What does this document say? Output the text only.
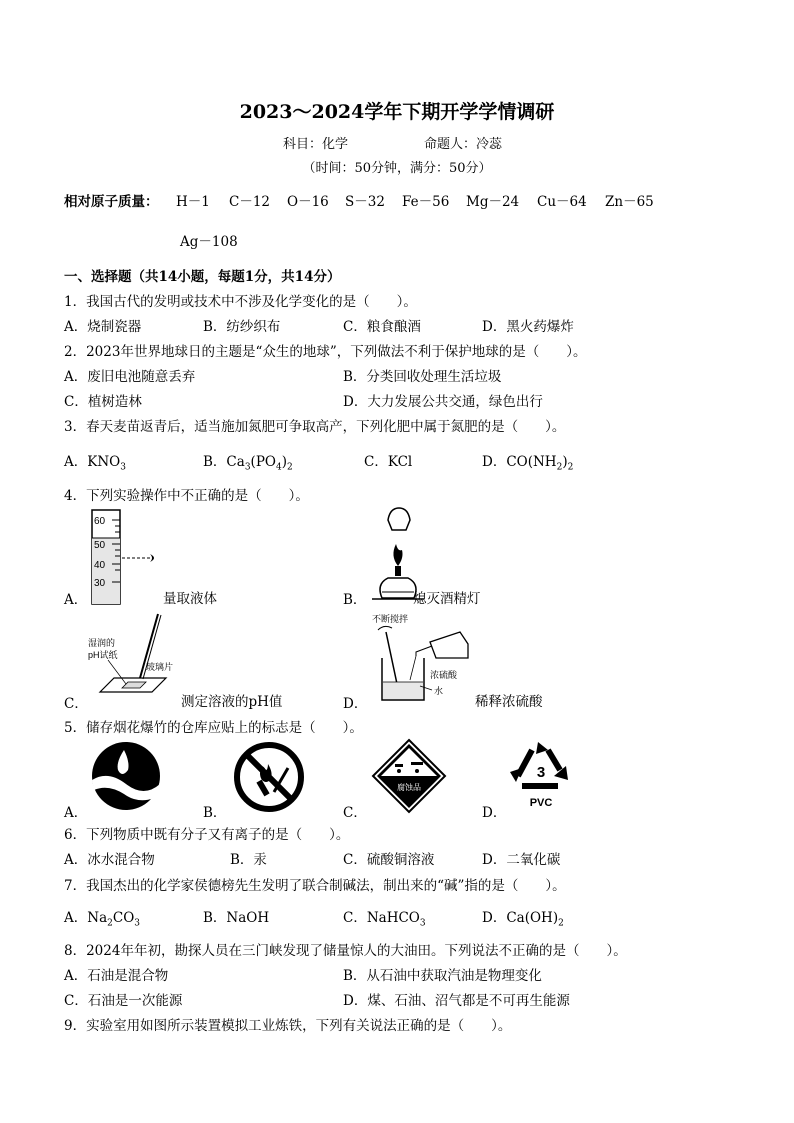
2023～2024学年下期开学学情调研
科目：化学	命题人：冷蕊
（时间：50分钟，满分：50分）
相对原子质量： H－1 C－12 O－16 S－32 Fe－56 Mg－24 Cu－64 Zn－65
Ag－108
一、选择题（共14小题，每题1分，共14分）
1．我国古代的发明或技术中不涉及化学变化的是（　　）。
A．烧制瓷器	B．纺纱织布	C．粮食酿酒	D．黑火药爆炸
2．2023年世界地球日的主题是“众生的地球”，下列做法不利于保护地球的是（　　）。
A．废旧电池随意丢弃	B．分类回收处理生活垃圾
C．植树造林	D．大力发展公共交通，绿色出行
3．春天麦苗返青后，适当施加氮肥可争取高产，下列化肥中属于氮肥的是（　　）。
A．$KNO_3$	B．$Ca_3(PO_4)_2$	C．KCl	D．$CO(NH_2)_2$
4．下列实验操作中不正确的是（　　）。
60
50
40
30
A．	量取液体	B．	熄灭酒精灯
湿润的
pH试纸
玻璃片
C．	测定溶液的pH值
不断搅拌
浓硫酸
水
D．	稀释浓硫酸
5．储存烟花爆竹的仓库应贴上的标志是（　　）。
A．	B．
腐蚀品
C．
3
PVC
D．
6．下列物质中既有分子又有离子的是（　　）。
A．冰水混合物	B．汞	C．硫酸铜溶液	D．二氧化碳
7．我国杰出的化学家侯德榜先生发明了联合制碱法，制出来的“碱”指的是（　　）。
A．$Na_2CO_3$	B．NaOH	C．NaHCO$_3$	D．$Ca(OH)_2$
8．2024年年初，勘探人员在三门峡发现了储量惊人的大油田。下列说法不正确的是（　　）。
A．石油是混合物	B．从石油中获取汽油是物理变化
C．石油是一次能源	D．煤、石油、沼气都是不可再生能源
9．实验室用如图所示装置模拟工业炼铁，下列有关说法正确的是（　　）。
